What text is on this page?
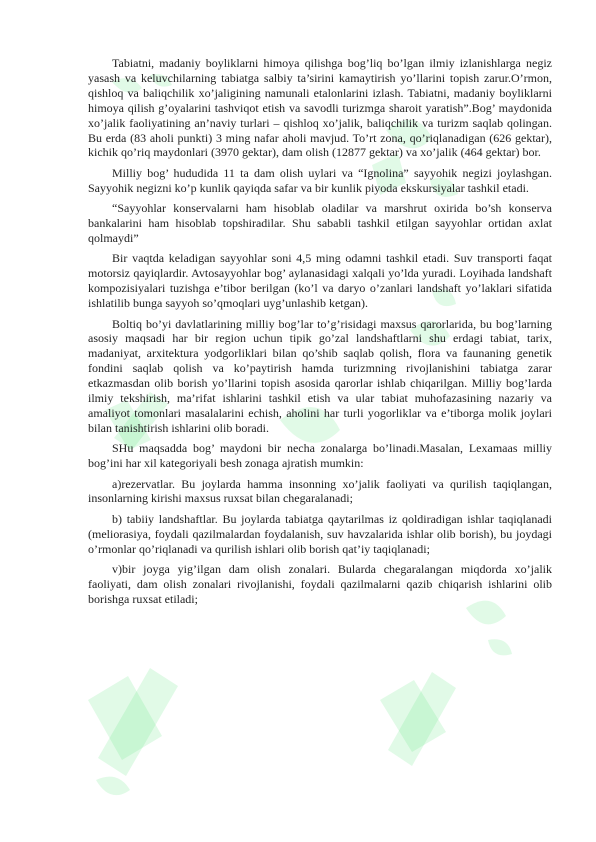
Tabiatni, madaniy boyliklarni himoya qilishga bog’liq bo’lgan ilmiy izlanishlarga negiz yasash va keluvchilarning tabiatga salbiy ta’sirini kamaytirish yo’llarini topish zarur.O’rmon, qishloq va baliqchilik xo’jaligining namunali etalonlarini izlash. Tabiatni, madaniy boyliklarni himoya qilish g’oyalarini tashviqot etish va savodli turizmga sharoit yaratish”.Bog’ maydonida xo’jalik faoliyatining an’naviy turlari – qishloq xo’jalik, baliqchilik va turizm saqlab qolingan. Bu erda (83 aholi punkti) 3 ming nafar aholi mavjud. To’rt zona, qo’riqlanadigan (626 gektar), kichik qo’riq maydonlari (3970 gektar), dam olish (12877 gektar) va xo’jalik (464 gektar) bor.

Milliy bog’ hududida 11 ta dam olish uylari va “Ignolina” sayyohik negizi joylashgan. Sayyohik negizni ko’p kunlik qayiqda safar va bir kunlik piyoda ekskursiyalar tashkil etadi.

“Sayyohlar konservalarni ham hisoblab oladilar va marshrut oxirida bo’sh konserva bankalarini ham hisoblab topshiradilar. Shu sababli tashkil etilgan sayyohlar ortidan axlat qolmaydi”

Bir vaqtda keladigan sayyohlar soni 4,5 ming odamni tashkil etadi. Suv transporti faqat motorsiz qayiqlardir. Avtosayyohlar bog’ aylanasidagi xalqali yo’lda yuradi. Loyihada landshaft kompozisiyalari tuzishga e’tibor berilgan (ko’l va daryo o’zanlari landshaft yo’laklari sifatida ishlatilib bunga sayyoh so’qmoqlari uyg’unlashib ketgan).

Boltiq bo’yi davlatlarining milliy bog’lar to’g’risidagi maxsus qarorlarida, bu bog’larning asosiy maqsadi har bir region uchun tipik go’zal landshaftlarni shu erdagi tabiat, tarix, madaniyat, arxitektura yodgorliklari bilan qo’shib saqlab qolish, flora va faunaning genetik fondini saqlab qolish va ko’paytirish hamda turizmning rivojlanishini tabiatga zarar etkazmasdan olib borish yo’llarini topish asosida qarorlar ishlab chiqarilgan. Milliy bog’larda ilmiy tekshirish, ma’rifat ishlarini tashkil etish va ular tabiat muhofazasining nazariy va amaliyot tomonlari masalalarini echish, aholini har turli yogorliklar va e’tiborga molik joylari bilan tanishtirish ishlarini olib boradi.

SHu maqsadda bog’ maydoni bir necha zonalarga bo’linadi.Masalan, Lexamaas milliy bog’ini har xil kategoriyali besh zonaga ajratish mumkin:

a)rezervatlar. Bu joylarda hamma insonning xo’jalik faoliyati va qurilish taqiqlangan, insonlarning kirishi maxsus ruxsat bilan chegaralanadi;

b) tabiiy landshaftlar. Bu joylarda tabiatga qaytarilmas iz qoldiradigan ishlar taqiqlanadi (meliorasiya, foydali qazilmalardan foydalanish, suv havzalarida ishlar olib borish), bu joydagi o’rmonlar qo’riqlanadi va qurilish ishlari olib borish qat’iy taqiqlanadi;

v)bir joyga yig’ilgan dam olish zonalari. Bularda chegaralangan miqdorda xo’jalik faoliyati, dam olish zonalari rivojlanishi, foydali qazilmalarni qazib chiqarish ishlarini olib borishga ruxsat etiladi;
